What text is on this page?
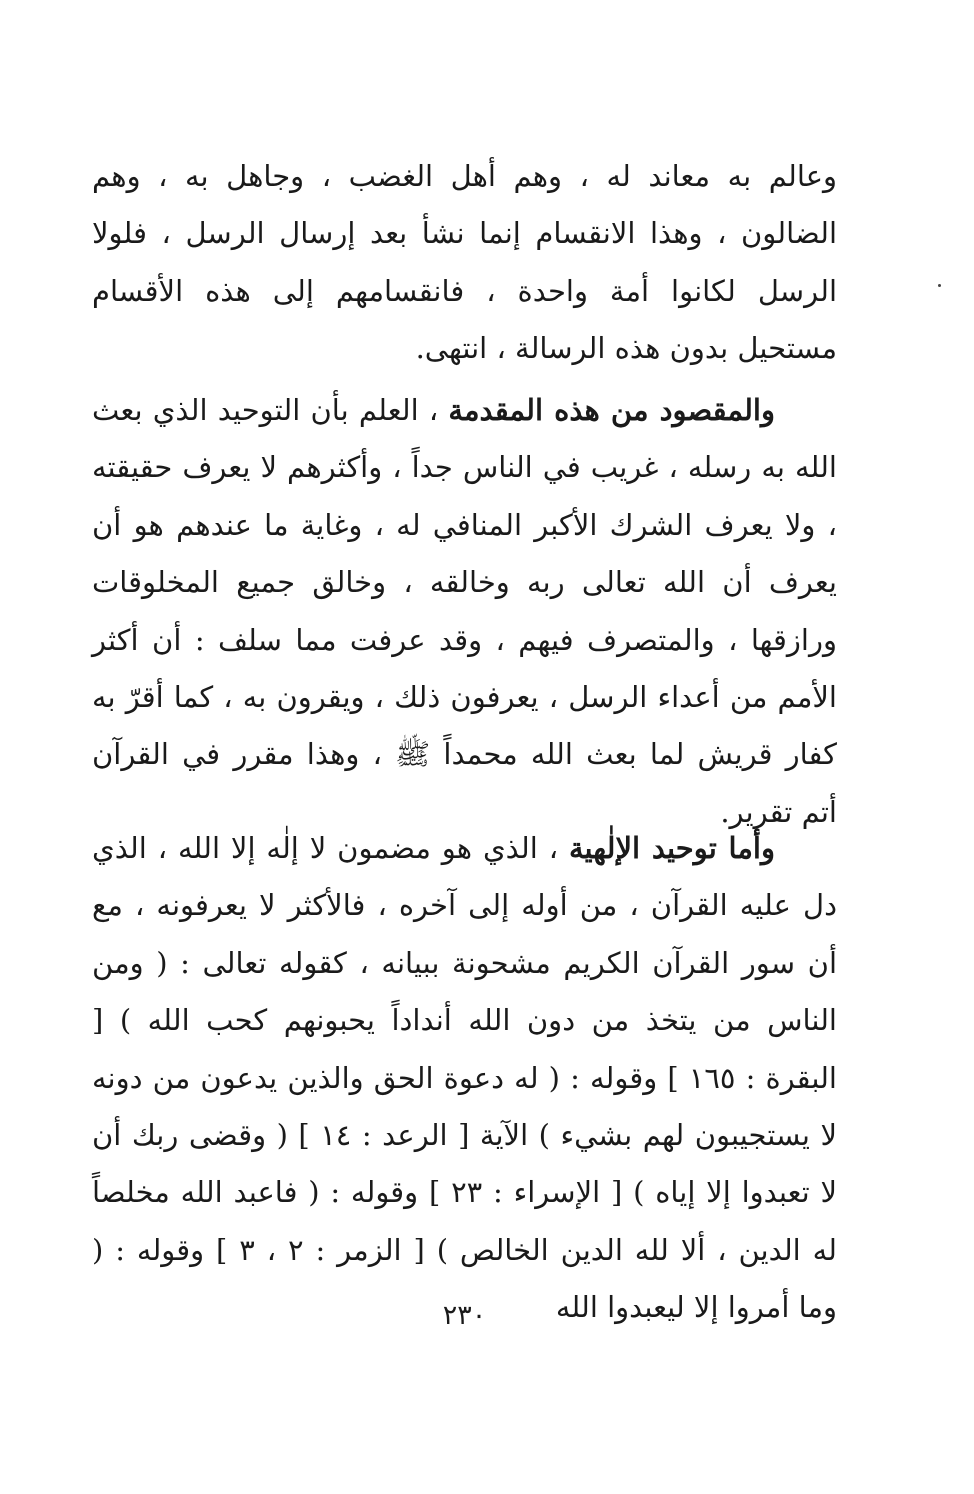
وعالم به معاند له ، وهم أهل الغضب ، وجاهل به ، وهم الضالون ، وهذا الانقسام إنما نشأ بعد إرسال الرسل ، فلولا الرسل لكانوا أمة واحدة ، فانقسامهم إلى هذه الأقسام مستحيل بدون هذه الرسالة ، انتهى.

والمقصود من هذه المقدمة ، العلم بأن التوحيد الذي بعث الله به رسله ، غريب في الناس جداً ، وأكثرهم لا يعرف حقيقته ، ولا يعرف الشرك الأكبر المنافي له ، وغاية ما عندهم هو أن يعرف أن الله تعالى ربه وخالقه ، وخالق جميع المخلوقات ورازقها ، والمتصرف فيهم ، وقد عرفت مما سلف : أن أكثر الأمم من أعداء الرسل ، يعرفون ذلك ، ويقرون به ، كما أقرّ به كفار قريش لما بعث الله محمداً ﷺ ، وهذا مقرر في القرآن أتم تقرير.

وأما توحيد الإلٰهية ، الذي هو مضمون لا إلٰه إلا الله ، الذي دل عليه القرآن ، من أوله إلى آخره ، فالأكثر لا يعرفونه ، مع أن سور القرآن الكريم مشحونة ببيانه ، كقوله تعالى : ( ومن الناس من يتخذ من دون الله أنداداً يحبونهم كحب الله ) [ البقرة : ١٦٥ ] وقوله : ( له دعوة الحق والذين يدعون من دونه لا يستجيبون لهم بشيء ) الآية [ الرعد : ١٤ ] ( وقضى ربك أن لا تعبدوا إلا إياه ) [ الإسراء : ٢٣ ] وقوله : ( فاعبد الله مخلصاً له الدين ، ألا لله الدين الخالص ) [ الزمر : ٢ ، ٣ ] وقوله : ( وما أمروا إلا ليعبدوا الله

٢٣٠
